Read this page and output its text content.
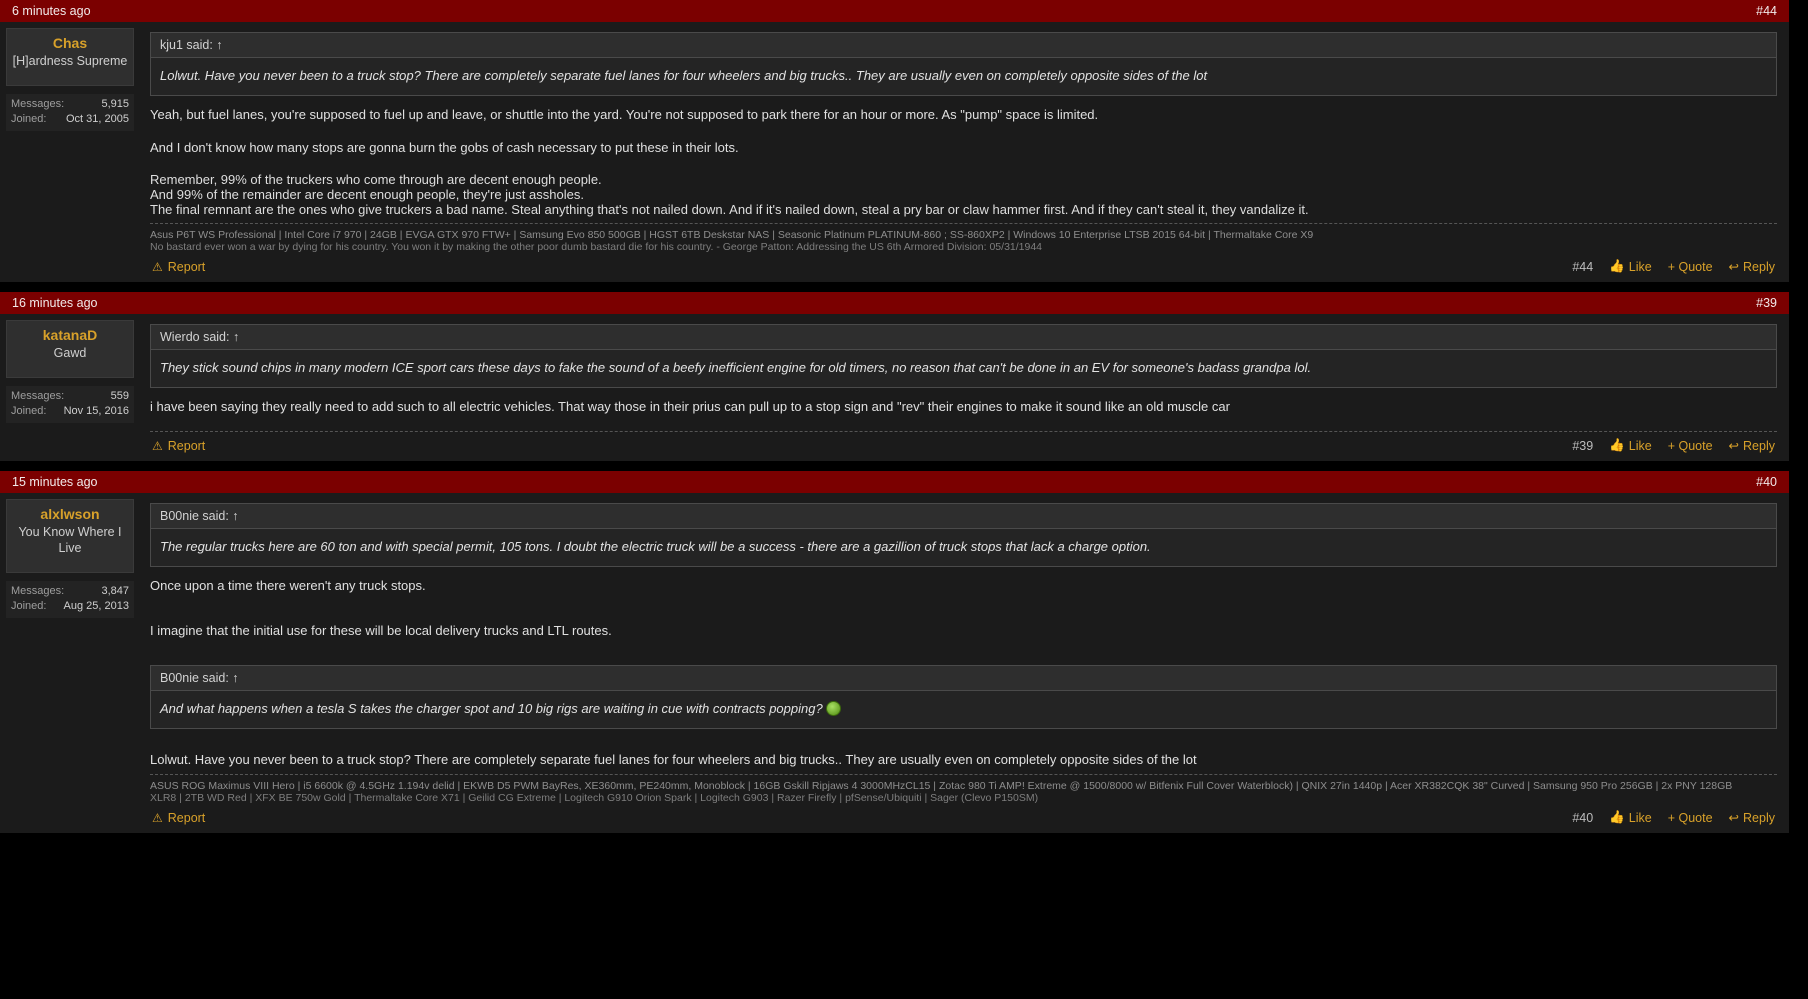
6 minutes ago	#44
Chas
[H]ardness Supreme
Messages:	5,915
Joined: Oct 31, 2005
kju1 said: ↑
Lolwut. Have you never been to a truck stop? There are completely separate fuel lanes for four wheelers and big trucks.. They are usually even on completely opposite sides of the lot

Yeah, but fuel lanes, you're supposed to fuel up and leave, or shuttle into the yard. You're not supposed to park there for an hour or more. As "pump" space is limited.

And I don't know how many stops are gonna burn the gobs of cash necessary to put these in their lots.

Remember, 99% of the truckers who come through are decent enough people.
And 99% of the remainder are decent enough people, they're just assholes.
The final remnant are the ones who give truckers a bad name. Steal anything that's not nailed down. And if it's nailed down, steal a pry bar or claw hammer first. And if they can't steal it, they vandalize it.
Asus P6T WS Professional | Intel Core i7 970 | 24GB | EVGA GTX 970 FTW+ | Samsung Evo 850 500GB | HGST 6TB Deskstar NAS | Seasonic Platinum PLATINUM-860 ; SS-860XP2 | Windows 10 Enterprise LTSB 2015 64-bit | Thermaltake Core X9
No bastard ever won a war by dying for his country. You won it by making the other poor dumb bastard die for his country. - George Patton: Addressing the US 6th Armored Division: 05/31/1944
⚠ Report	#44 👍 Like + Quote ↩ Reply
16 minutes ago	#39
katanaD
Gawd
Messages:	559
Joined: Nov 15, 2016
Wierdo said: ↑
They stick sound chips in many modern ICE sport cars these days to fake the sound of a beefy inefficient engine for old timers, no reason that can't be done in an EV for someone's badass grandpa lol.

i have been saying they really need to add such to all electric vehicles. That way those in their prius can pull up to a stop sign and "rev" their engines to make it sound like an old muscle car

⚠ Report	#39 👍 Like + Quote ↩ Reply
15 minutes ago	#40
alxlwson
You Know Where I Live
Messages:	3,847
Joined: Aug 25, 2013
B00nie said: ↑
The regular trucks here are 60 ton and with special permit, 105 tons. I doubt the electric truck will be a success - there are a gazillion of truck stops that lack a charge option.

Once upon a time there weren't any truck stops.

I imagine that the initial use for these will be local delivery trucks and LTL routes.

B00nie said: ↑
And what happens when a tesla S takes the charger spot and 10 big rigs are waiting in cue with contracts popping?

Lolwut. Have you never been to a truck stop? There are completely separate fuel lanes for four wheelers and big trucks.. They are usually even on completely opposite sides of the lot

ASUS ROG Maximus VIII Hero | i5 6600k @ 4.5GHz 1.194v delid | EKWB D5 PWM BayRes, XE360mm, PE240mm, Monoblock | 16GB Gskill Ripjaws 4 3000MHzCL15 | Zotac 980 Ti AMP! Extreme @ 1500/8000 w/ Bitfenix Full Cover Waterblock) | QNIX 27in 1440p | Acer XR382CQK 38" Curved | Samsung 950 Pro 256GB | 2x PNY 128GB
XLR8 | 2TB WD Red | XFX BE 750w Gold | Thermaltake Core X71 | Geilid CG Extreme | Logitech G910 Orion Spark | Logitech G903 | Razer Firefly | pfSense/Ubiquiti | Sager (Clevo P150SM)
⚠ Report	#40 👍 Like + Quote ↩ Reply
